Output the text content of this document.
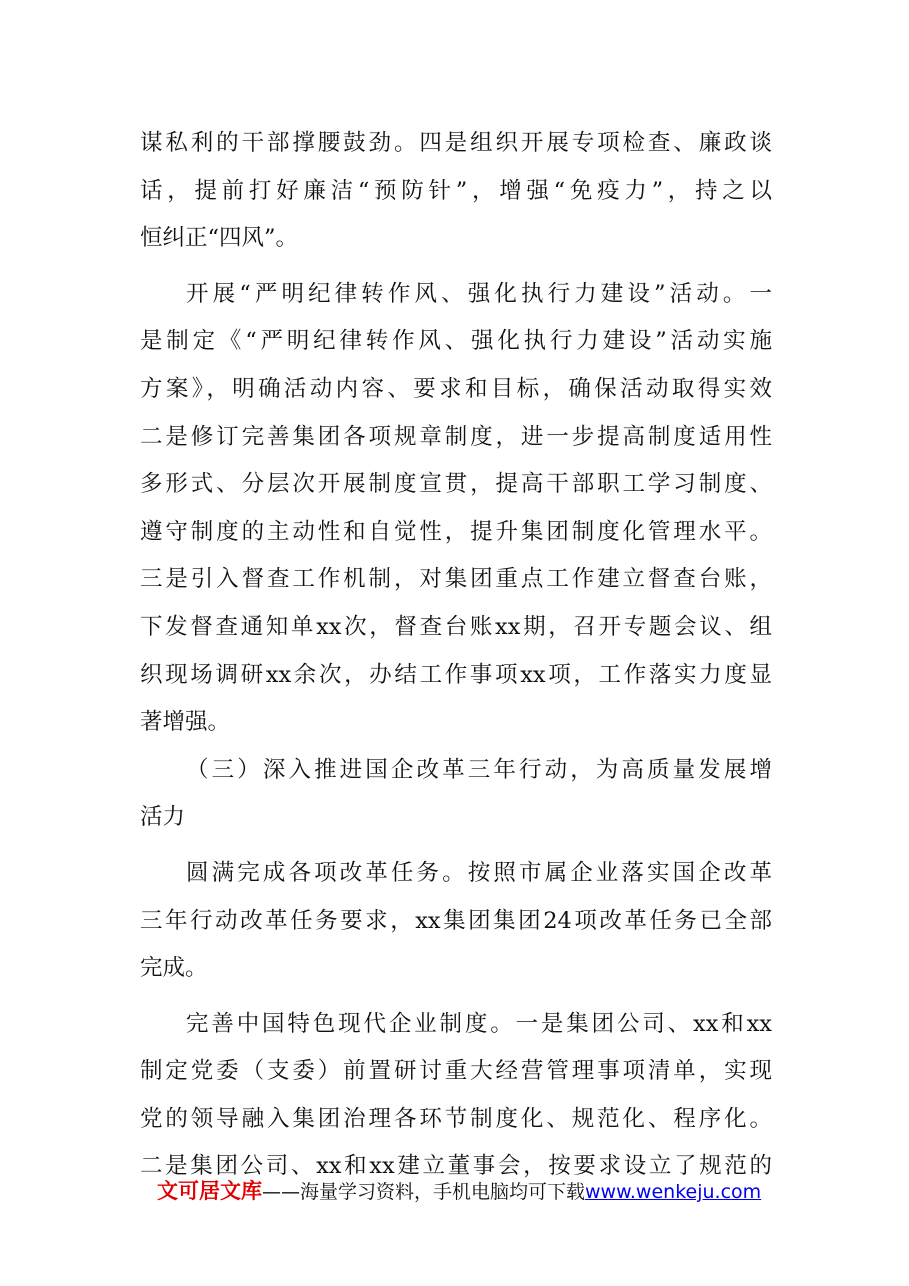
谋私利的干部撑腰鼓劲。四是组织开展专项检查、廉政谈
话，提前打好廉洁“预防针”，增强“免疫力”，持之以
恒纠正“四风”。
开展“严明纪律转作风、强化执行力建设”活动。一
是制定《“严明纪律转作风、强化执行力建设”活动实施
方案》，明确活动内容、要求和目标，确保活动取得实效
二是修订完善集团各项规章制度，进一步提高制度适用性
多形式、分层次开展制度宣贯，提高干部职工学习制度、
遵守制度的主动性和自觉性，提升集团制度化管理水平。
三是引入督查工作机制，对集团重点工作建立督查台账，
下发督查通知单xx次，督查台账xx期，召开专题会议、组
织现场调研xx余次，办结工作事项xx项，工作落实力度显
著增强。
（三）深入推进国企改革三年行动，为高质量发展增
活力
圆满完成各项改革任务。按照市属企业落实国企改革
三年行动改革任务要求，xx集团集团24项改革任务已全部
完成。
完善中国特色现代企业制度。一是集团公司、xx和xx
制定党委（支委）前置研讨重大经营管理事项清单，实现
党的领导融入集团治理各环节制度化、规范化、程序化。
二是集团公司、xx和xx建立董事会，按要求设立了规范的
文可居文库——海量学习资料，手机电脑均可下载www.wenkeju.com
